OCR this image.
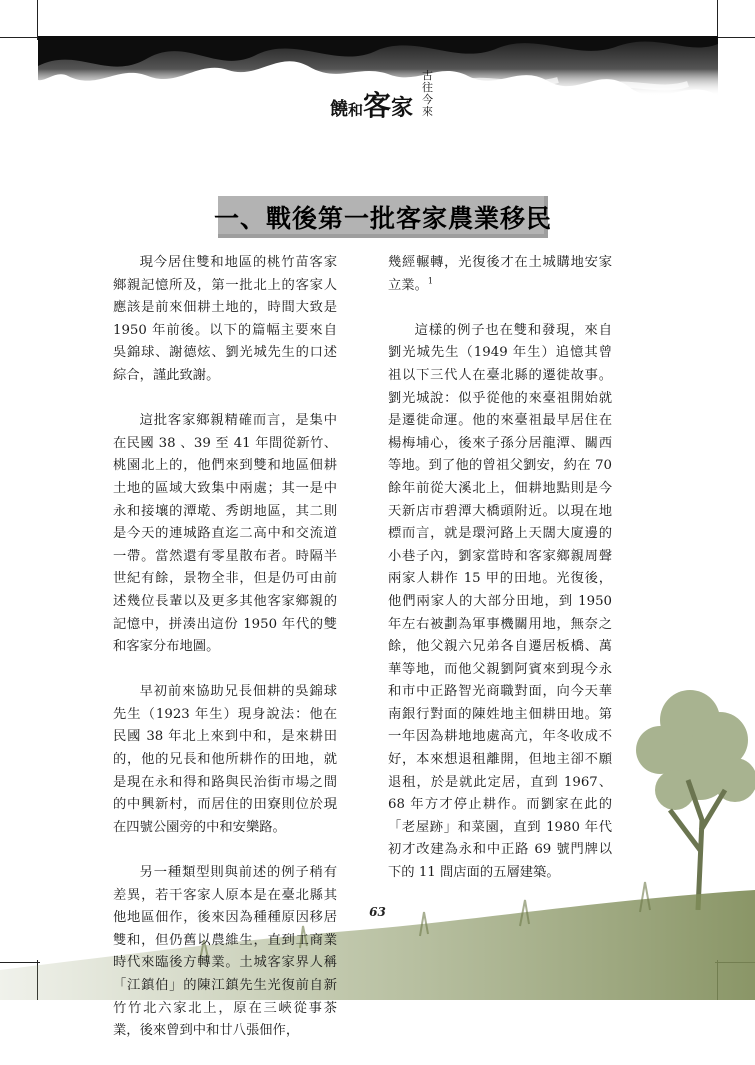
饒和客家
古往今來
一、戰後第一批客家農業移民

現今居住雙和地區的桃竹苗客家鄉親記憶所及，第一批北上的客家人應該是前來佃耕土地的，時間大致是 1950 年前後。以下的篇幅主要來自吳錦球、謝德炫、劉光城先生的口述綜合，謹此致謝。

這批客家鄉親精確而言，是集中在民國 38 、39 至 41 年間從新竹、桃園北上的，他們來到雙和地區佃耕土地的區域大致集中兩處；其一是中永和接壤的潭墘、秀朗地區，其二則是今天的連城路直迄二高中和交流道一帶。當然還有零星散布者。時隔半世紀有餘，景物全非，但是仍可由前述幾位長輩以及更多其他客家鄉親的記憶中，拼湊出這份 1950 年代的雙和客家分布地圖。

早初前來協助兄長佃耕的吳錦球先生（1923 年生）現身說法：他在民國 38 年北上來到中和，是來耕田的，他的兄長和他所耕作的田地，就是現在永和得和路與民治街市場之間的中興新村，而居住的田寮則位於現在四號公園旁的中和安樂路。

另一種類型則與前述的例子稍有差異，若干客家人原本是在臺北縣其他地區佃作，後來因為種種原因移居雙和，但仍舊以農維生，直到工商業時代來臨後方轉業。土城客家界人稱「江鎮伯」的陳江鎮先生光復前自新竹竹北六家北上，原在三峽從事茶業，後來曾到中和廿八張佃作，

幾經輾轉，光復後才在土城購地安家立業。$^1$

這樣的例子也在雙和發現，來自劉光城先生（1949 年生）追憶其曾祖以下三代人在臺北縣的遷徙故事。劉光城說：似乎從他的來臺祖開始就是遷徙命運。他的來臺祖最早居住在楊梅埔心，後來子孫分居龍潭、關西等地。到了他的曾祖父劉安，約在 70 餘年前從大溪北上，佃耕地點則是今天新店市碧潭大橋頭附近。以現在地標而言，就是環河路上天闊大廈邊的小巷子內，劉家當時和客家鄉親周聲兩家人耕作 15 甲的田地。光復後，他們兩家人的大部分田地，到 1950 年左右被劃為軍事機關用地，無奈之餘，他父親六兄弟各自遷居板橋、萬華等地，而他父親劉阿賓來到現今永和市中正路智光商職對面，向今天華南銀行對面的陳姓地主佃耕田地。第一年因為耕地地處高亢，年冬收成不好，本來想退租離開，但地主卻不願退租，於是就此定居，直到 1967、68 年方才停止耕作。而劉家在此的「老屋跡」和菜園，直到 1980 年代初才改建為永和中正路 69 號門牌以下的 11 間店面的五層建築。

63
